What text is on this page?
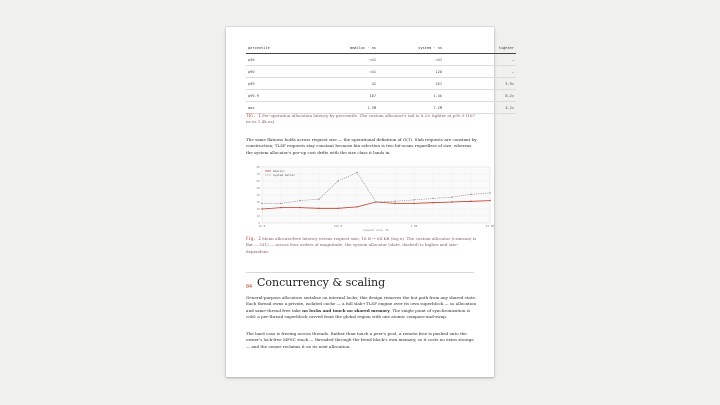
percentile	mmalloc · ns	system · ns	tighter
p50	<41	<41	—
p90	<41	120	—
p99	42	251	5.9×
p99.9	167	1.4k	8.2×
max	1.3M	7.2M	4.2×
Tbl. 1 Per-operation allocation latency by percentile. The custom allocator's tail is 8.2× tighter at p99.9 (167 ns vs 1.4k ns).
The same flatness holds across request size — the operational definition of O(1). Slab requests are constant by construction; TLSF requests stay constant because bin selection is two bit-scans regardless of size, whereas the system allocator's per-op cost drifts with the size class it lands in.
0
10
20
30
40
50
60
70
80
16 B	256 B	4 KB	64 KB
request size (B)
mmalloc
system malloc
Fig. 2 Mean allocate/free latency versus request size, 16 B → 64 KB (log x). The custom allocator (crimson) is flat — O(1) — across four orders of magnitude; the system allocator (slate, dashed) is higher and size-dependent.
04 Concurrency & scaling
General-purpose allocators serialize on internal locks; this design removes the hot path from any shared state. Each thread owns a private, isolated cache — a full slab+TLSF engine over its own superblock — so allocation and same-thread free take no locks and touch no shared memory. The single point of synchronization is cold: a per-thread superblock carved from the global region with one atomic compare-and-swap.
The hard case is freeing across threads. Rather than touch a peer's pool, a remote free is pushed onto the owner's lock-free MPSC stack — threaded through the freed block's own memory, so it costs no extra storage — and the owner reclaims it on its next allocation.
